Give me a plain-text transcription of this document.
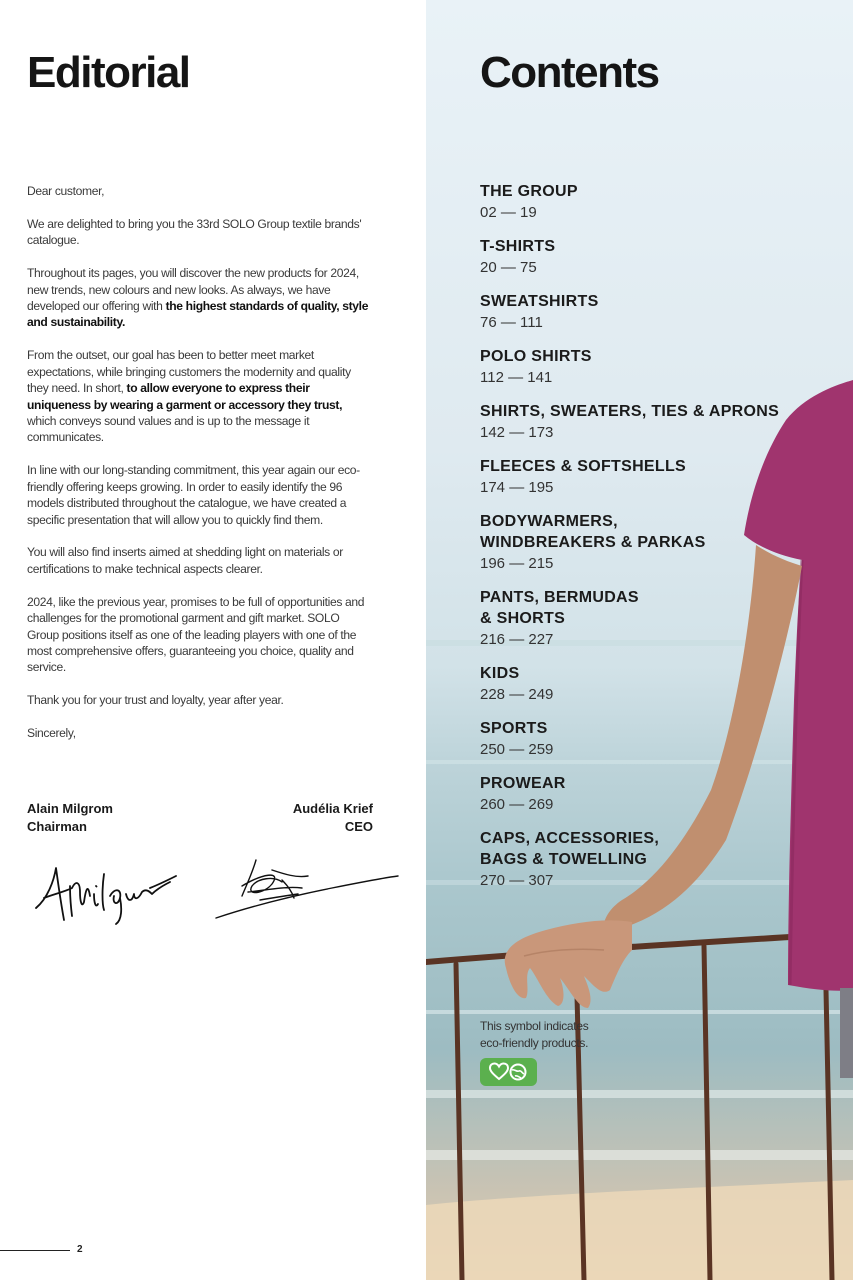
Editorial

Dear customer,

We are delighted to bring you the 33rd SOLO Group textile brands' catalogue.

Throughout its pages, you will discover the new products for 2024, new trends, new colours and new looks. As always, we have developed our offering with the highest standards of quality, style and sustainability.

From the outset, our goal has been to better meet market expectations, while bringing customers the modernity and quality they need. In short, to allow everyone to express their uniqueness by wearing a garment or accessory they trust, which conveys sound values and is up to the message it communicates.

In line with our long-standing commitment, this year again our eco-friendly offering keeps growing. In order to easily identify the 96 models distributed throughout the catalogue, we have created a specific presentation that will allow you to quickly find them.

You will also find inserts aimed at shedding light on materials or certifications to make technical aspects clearer.

2024, like the previous year, promises to be full of opportunities and challenges for the promotional garment and gift market. SOLO Group positions itself as one of the leading players with one of the most comprehensive offers, guaranteeing you choice, quality and service.

Thank you for your trust and loyalty, year after year.

Sincerely,

Alain Milgrom
Chairman
Audélia Krief
CEO
2
Contents
THE GROUP
02 — 19
T-SHIRTS
20 — 75
SWEATSHIRTS
76 — 111
POLO SHIRTS
112 — 141
SHIRTS, SWEATERS, TIES & APRONS
142 — 173
FLEECES & SOFTSHELLS
174 — 195
BODYWARMERS,
WINDBREAKERS & PARKAS
196 — 215
PANTS, BERMUDAS
& SHORTS
216 — 227
KIDS
228 — 249
SPORTS
250 — 259
PROWEAR
260 — 269
CAPS, ACCESSORIES,
BAGS & TOWELLING
270 — 307
This symbol indicates
eco-friendly products.
